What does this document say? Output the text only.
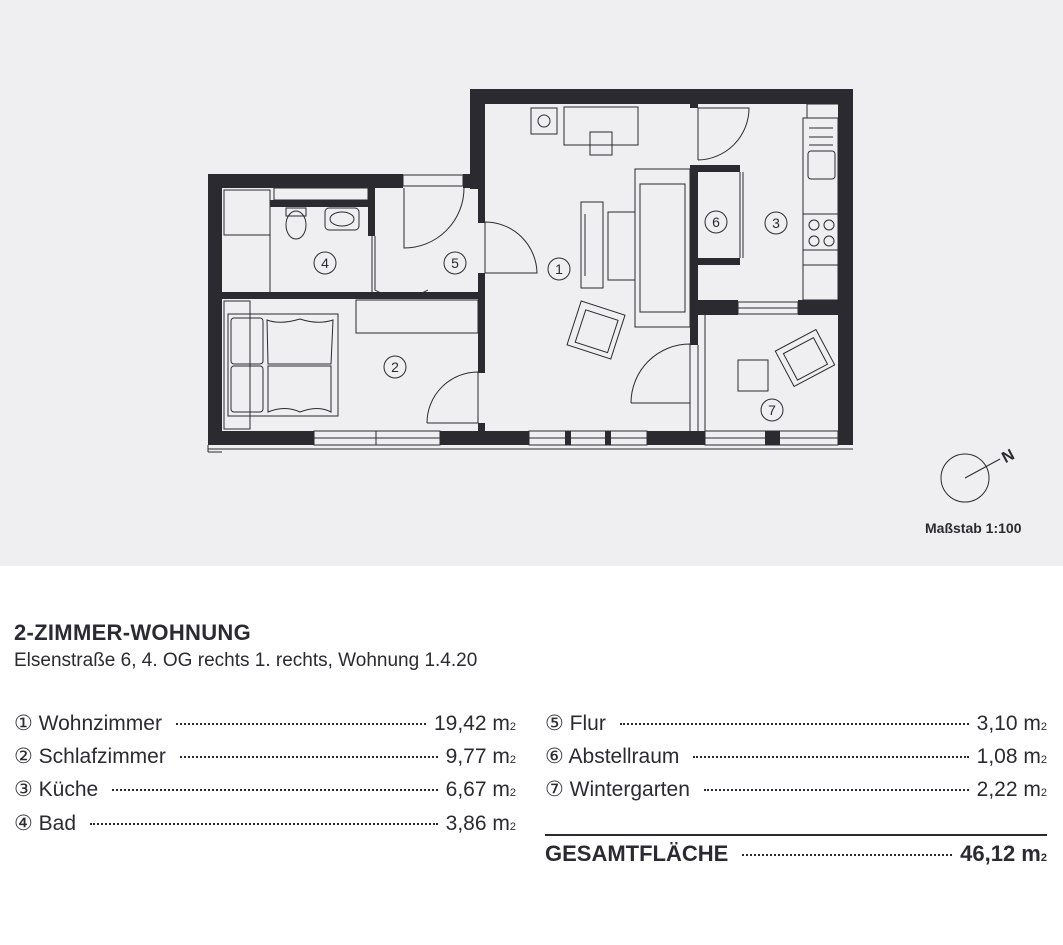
1
2
3
4	5
6
7
N
Maßstab 1:100
2-ZIMMER-WOHNUNG
Elsenstraße 6, 4. OG rechts 1. rechts, Wohnung 1.4.20
① Wohnzimmer	19,42 m 2
② Schlafzimmer	9,77 m 2
③ Küche	6,67 m 2
④ Bad	3,86 m 2
⑤ Flur	3,10 m 2
⑥ Abstellraum	1,08 m 2
⑦ Wintergarten	2,22 m 2
GESAMTFLÄCHE	46,12 m 2
